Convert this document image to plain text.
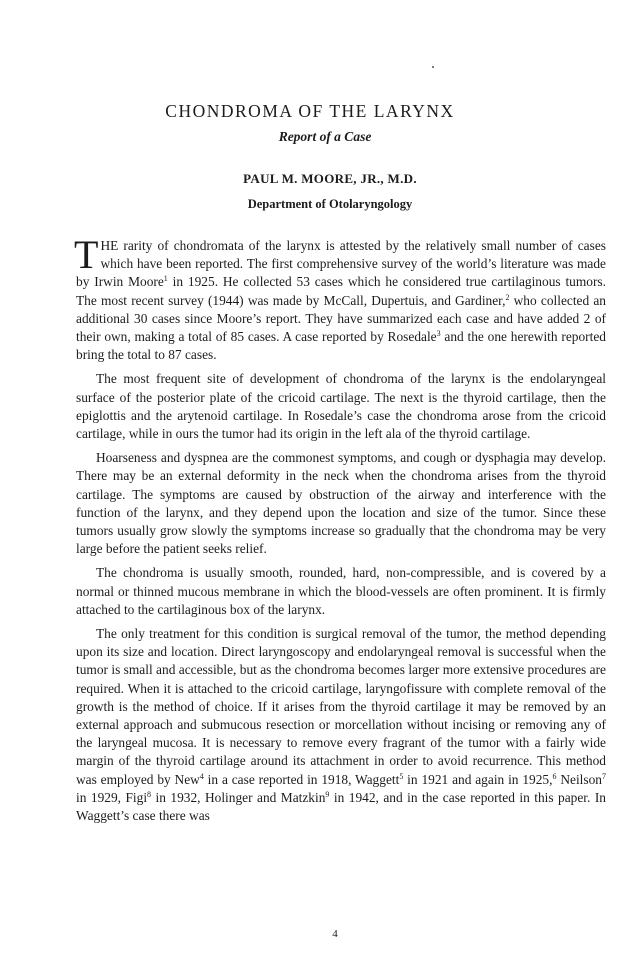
CHONDROMA OF THE LARYNX
Report of a Case
PAUL M. MOORE, JR., M.D.
Department of Otolaryngology

THE rarity of chondromata of the larynx is attested by the relatively small number of cases which have been reported. The first comprehensive survey of the world’s literature was made by Irwin Moore$^1$ in 1925. He collected 53 cases which he considered true cartilaginous tumors. The most recent survey (1944) was made by McCall, Dupertuis, and Gardiner,$^2$ who collected an additional 30 cases since Moore’s report. They have summarized each case and have added 2 of their own, making a total of 85 cases. A case reported by Rosedale$^3$ and the one herewith reported bring the total to 87 cases.

The most frequent site of development of chondroma of the larynx is the endolaryngeal surface of the posterior plate of the cricoid cartilage. The next is the thyroid cartilage, then the epiglottis and the arytenoid cartilage. In Rosedale’s case the chondroma arose from the cricoid cartilage, while in ours the tumor had its origin in the left ala of the thyroid cartilage.

Hoarseness and dyspnea are the commonest symptoms, and cough or dysphagia may develop. There may be an external deformity in the neck when the chondroma arises from the thyroid cartilage. The symptoms are caused by obstruction of the airway and interference with the function of the larynx, and they depend upon the location and size of the tumor. Since these tumors usually grow slowly the symptoms increase so gradually that the chondroma may be very large before the patient seeks relief.

The chondroma is usually smooth, rounded, hard, non-compressible, and is covered by a normal or thinned mucous membrane in which the blood-vessels are often prominent. It is firmly attached to the cartilaginous box of the larynx.

The only treatment for this condition is surgical removal of the tumor, the method depending upon its size and location. Direct laryngoscopy and endolaryngeal removal is successful when the tumor is small and accessible, but as the chondroma becomes larger more extensive procedures are required. When it is attached to the cricoid cartilage, laryngofissure with complete removal of the growth is the method of choice. If it arises from the thyroid cartilage it may be removed by an external approach and submucous resection or morcellation without incising or removing any of the laryngeal mucosa. It is necessary to remove every fragrant of the tumor with a fairly wide margin of the thyroid cartilage around its attachment in order to avoid recurrence. This method was employed by New$^4$ in a case reported in 1918, Waggett$^5$ in 1921 and again in 1925,$^6$ Neilson$^7$ in 1929, Figi$^8$ in 1932, Holinger and Matzkin$^9$ in 1942, and in the case reported in this paper. In Waggett’s case there was

4
